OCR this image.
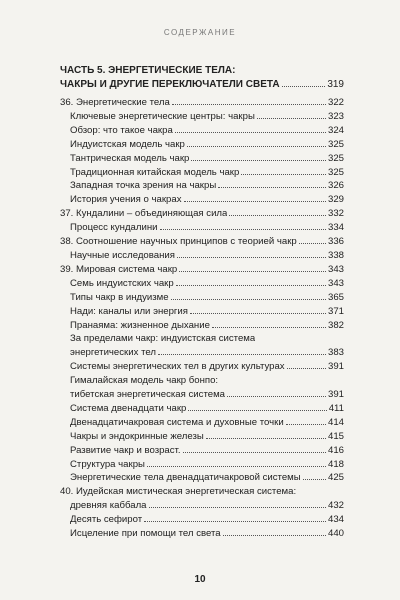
СОДЕРЖАНИЕ
ЧАСТЬ 5. ЭНЕРГЕТИЧЕСКИЕ ТЕЛА:
ЧАКРЫ И ДРУГИЕ ПЕРЕКЛЮЧАТЕЛИ СВЕТА	319
36. Энергетические тела	322
Ключевые энергетические центры: чакры	323
Обзор: что такое чакра	324
Индуистская модель чакр	325
Тантрическая модель чакр	325
Традиционная китайская модель чакр	325
Западная точка зрения на чакры	326
История учения о чакрах	329
37. Кундалини – объединяющая сила	332
Процесс кундалини	334
38. Соотношение научных принципов с теорией чакр	336
Научные исследования	338
39. Мировая система чакр	343
Семь индуистских чакр	343
Типы чакр в индуизме	365
Нади: каналы или энергия	371
Пранаяма: жизненное дыхание	382
За пределами чакр: индуистская система
энергетических тел	383
Системы энергетических тел в других культурах	391
Гималайская модель чакр бонпо:
тибетская энергетическая система	391
Система двенадцати чакр	411
Двенадцатичакровая система и духовные точки	414
Чакры и эндокринные железы	415
Развитие чакр и возраст.	416
Структура чакры	418
Энергетические тела двенадцатичакровой системы	425
40. Иудейская мистическая энергетическая система:
древняя каббала	432
Десять сефирот	434
Исцеление при помощи тел света	440
10
